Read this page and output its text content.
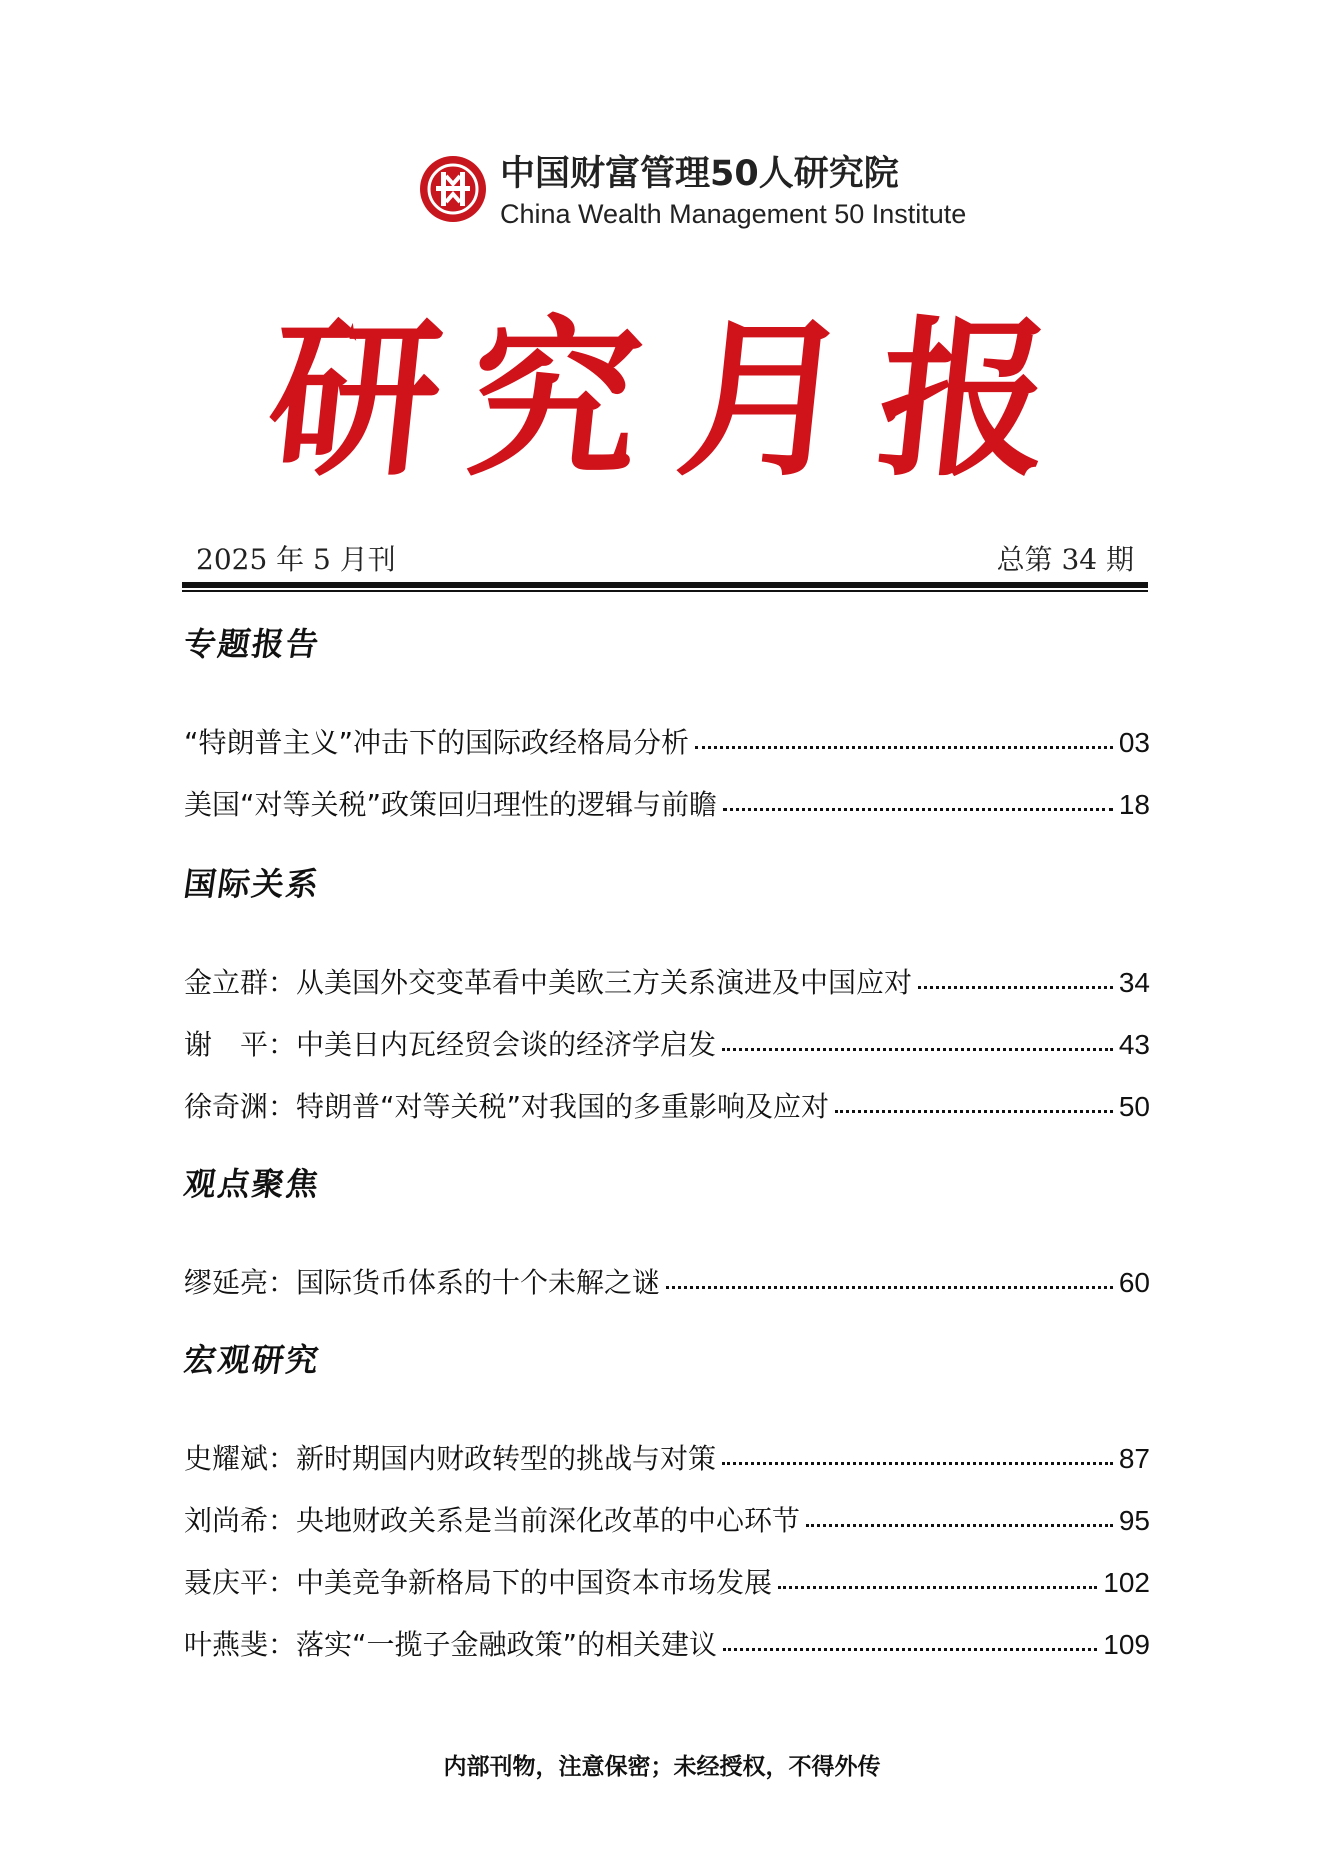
中国财富管理50人研究院
China Wealth Management 50 Institute
研 究 月 报
2025 年 5 月刊	总第 34 期
专题报告
“特朗普主义”冲击下的国际政经格局分析	03
美国“对等关税”政策回归理性的逻辑与前瞻	18
国际关系
金立群：从美国外交变革看中美欧三方关系演进及中国应对	34
谢　平：中美日内瓦经贸会谈的经济学启发	43
徐奇渊：特朗普“对等关税”对我国的多重影响及应对	50
观点聚焦
缪延亮：国际货币体系的十个未解之谜	60
宏观研究
史耀斌：新时期国内财政转型的挑战与对策	87
刘尚希：央地财政关系是当前深化改革的中心环节	95
聂庆平：中美竞争新格局下的中国资本市场发展	102
叶燕斐：落实“一揽子金融政策”的相关建议	109
内部刊物，注意保密；未经授权，不得外传
